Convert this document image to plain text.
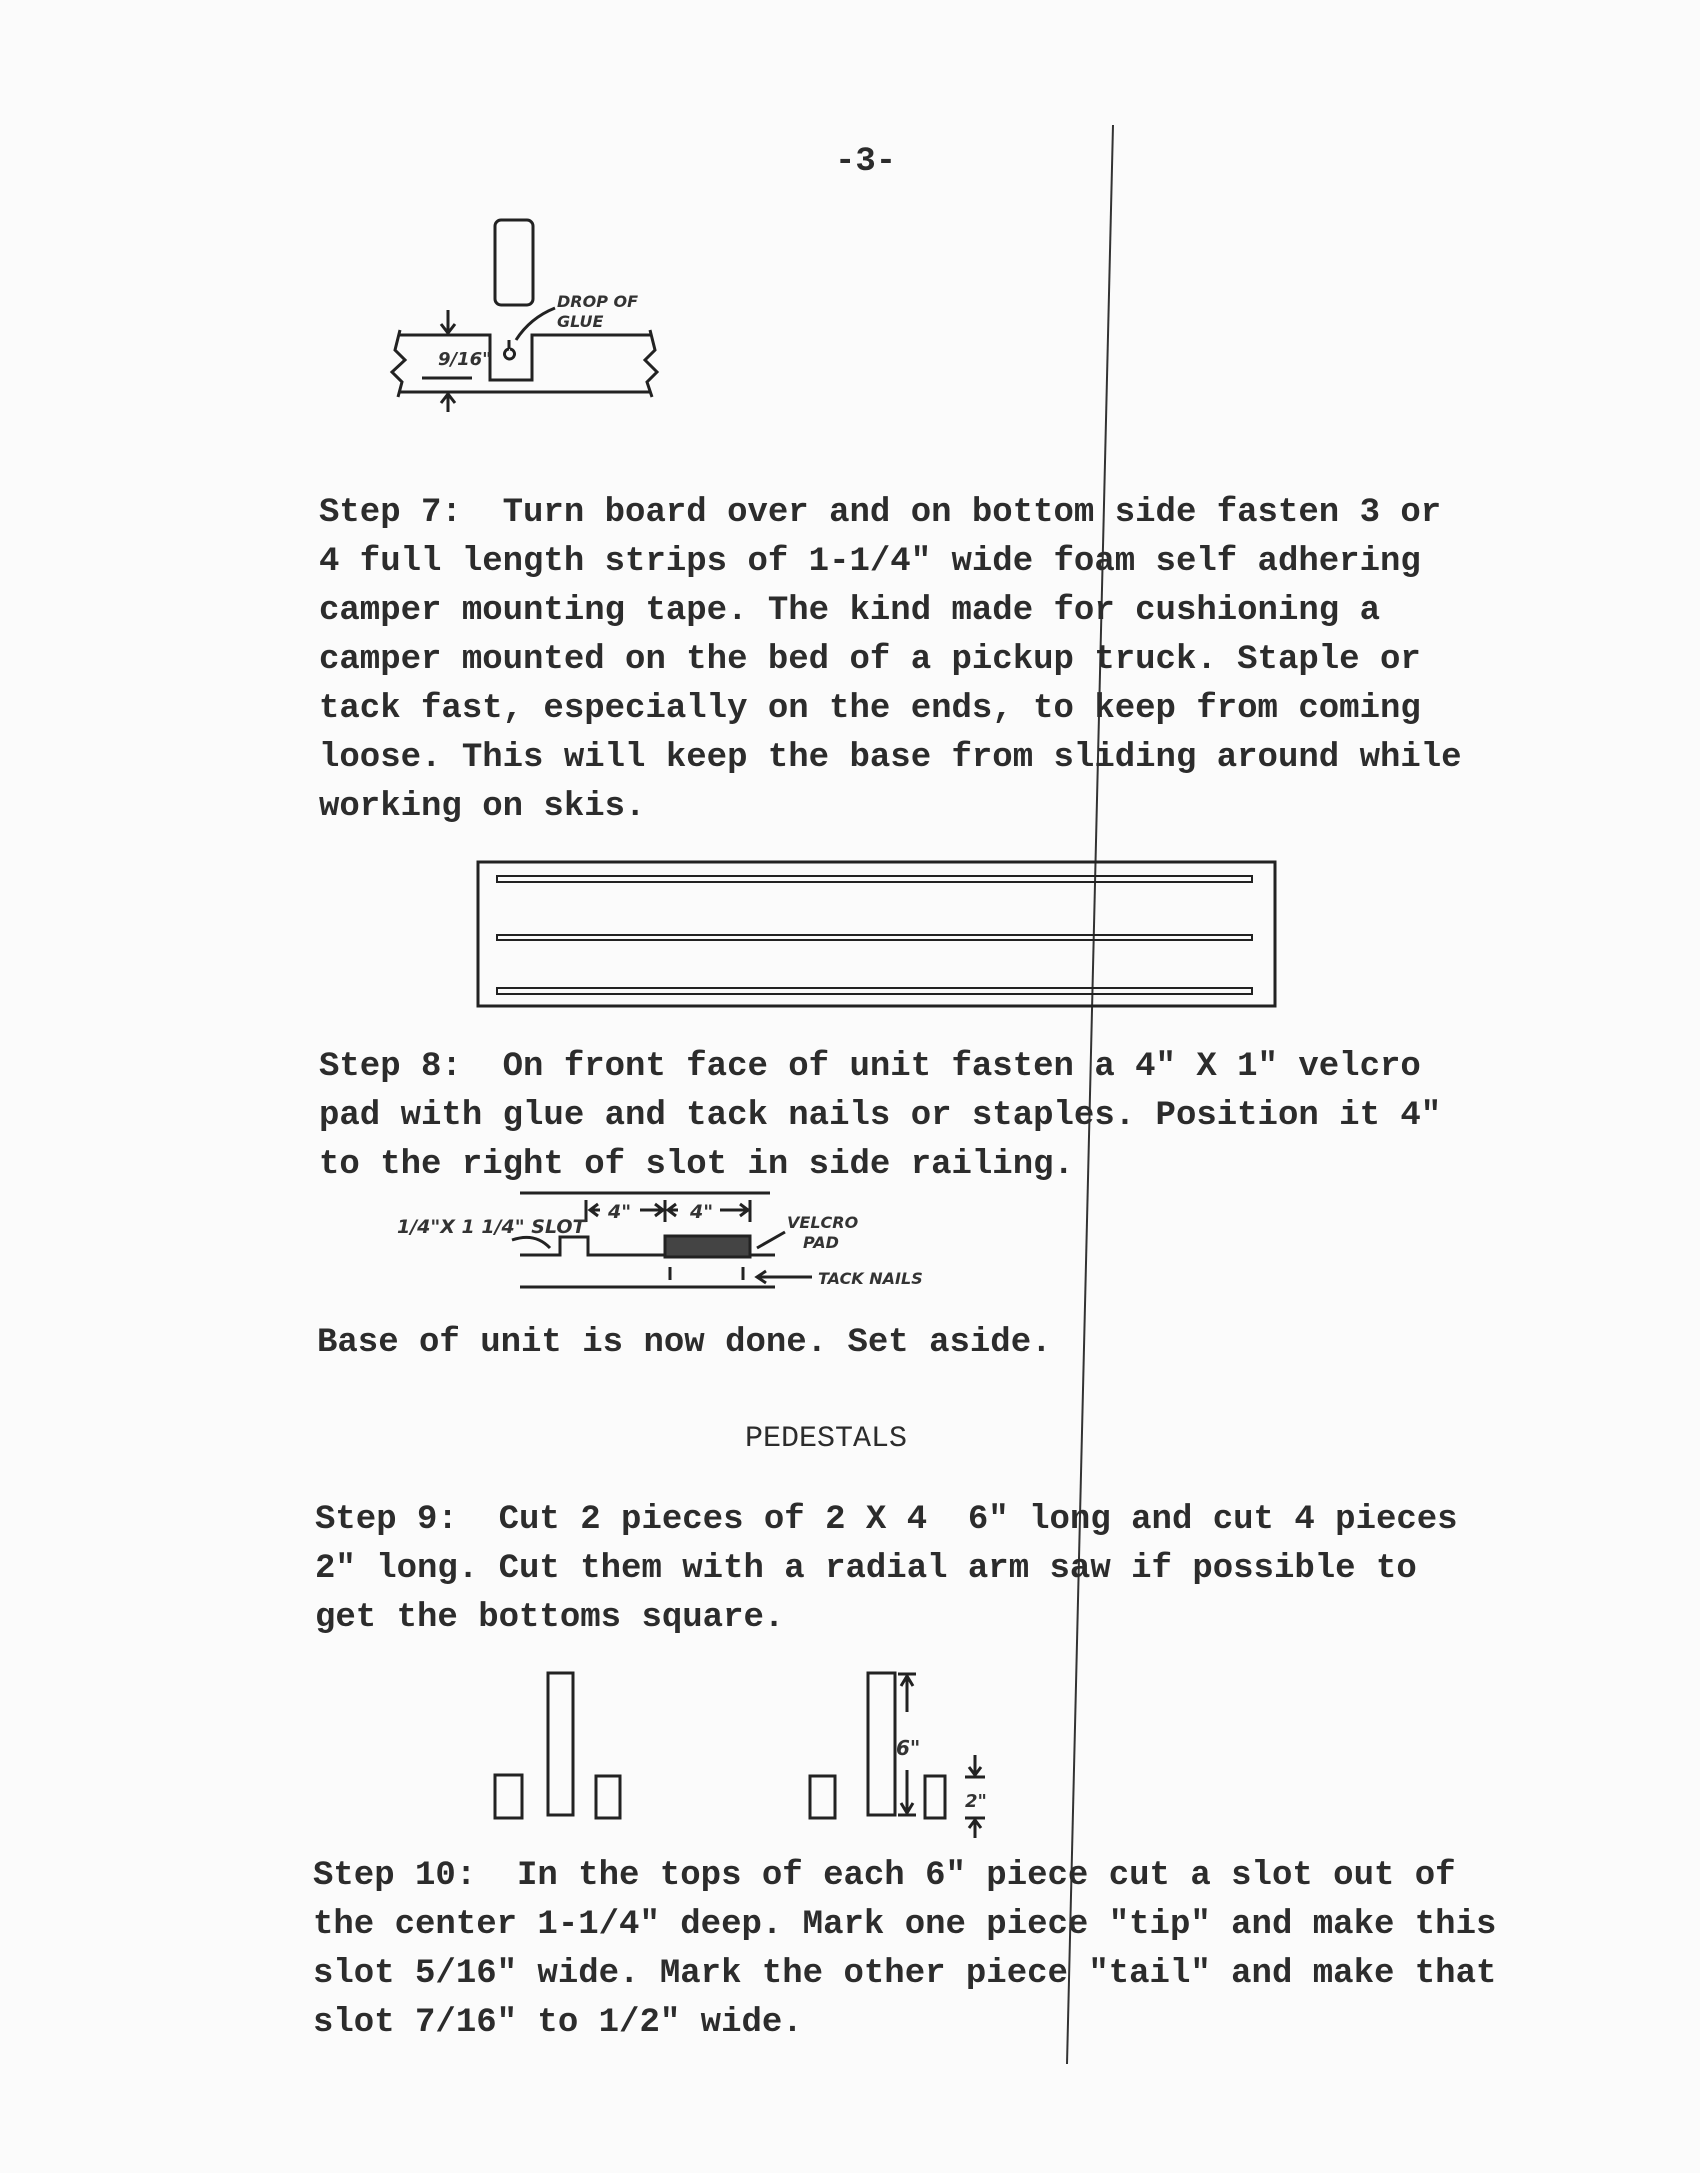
9/16"
DROP OF
GLUE
1/4"X 1 1/4" SLOT
4"	4"	VELCRO
PAD
TACK NAILS
6"
2"
-3-
Step 7:  Turn board over and on bottom side fasten 3 or
4 full length strips of 1-1/4" wide foam self adhering
camper mounting tape. The kind made for cushioning a
camper mounted on the bed of a pickup truck. Staple or
tack fast, especially on the ends, to keep from coming
loose. This will keep the base from sliding around while
working on skis.
Step 8:  On front face of unit fasten a 4" X 1" velcro
pad with glue and tack nails or staples. Position it 4"
to the right of slot in side railing.
Base of unit is now done. Set aside.
PEDESTALS
Step 9:  Cut 2 pieces of 2 X 4  6" long and cut 4 pieces
2" long. Cut them with a radial arm saw if possible to
get the bottoms square.
Step 10:  In the tops of each 6" piece cut a slot out of
the center 1-1/4" deep. Mark one piece "tip" and make this
slot 5/16" wide. Mark the other piece "tail" and make that
slot 7/16" to 1/2" wide.
